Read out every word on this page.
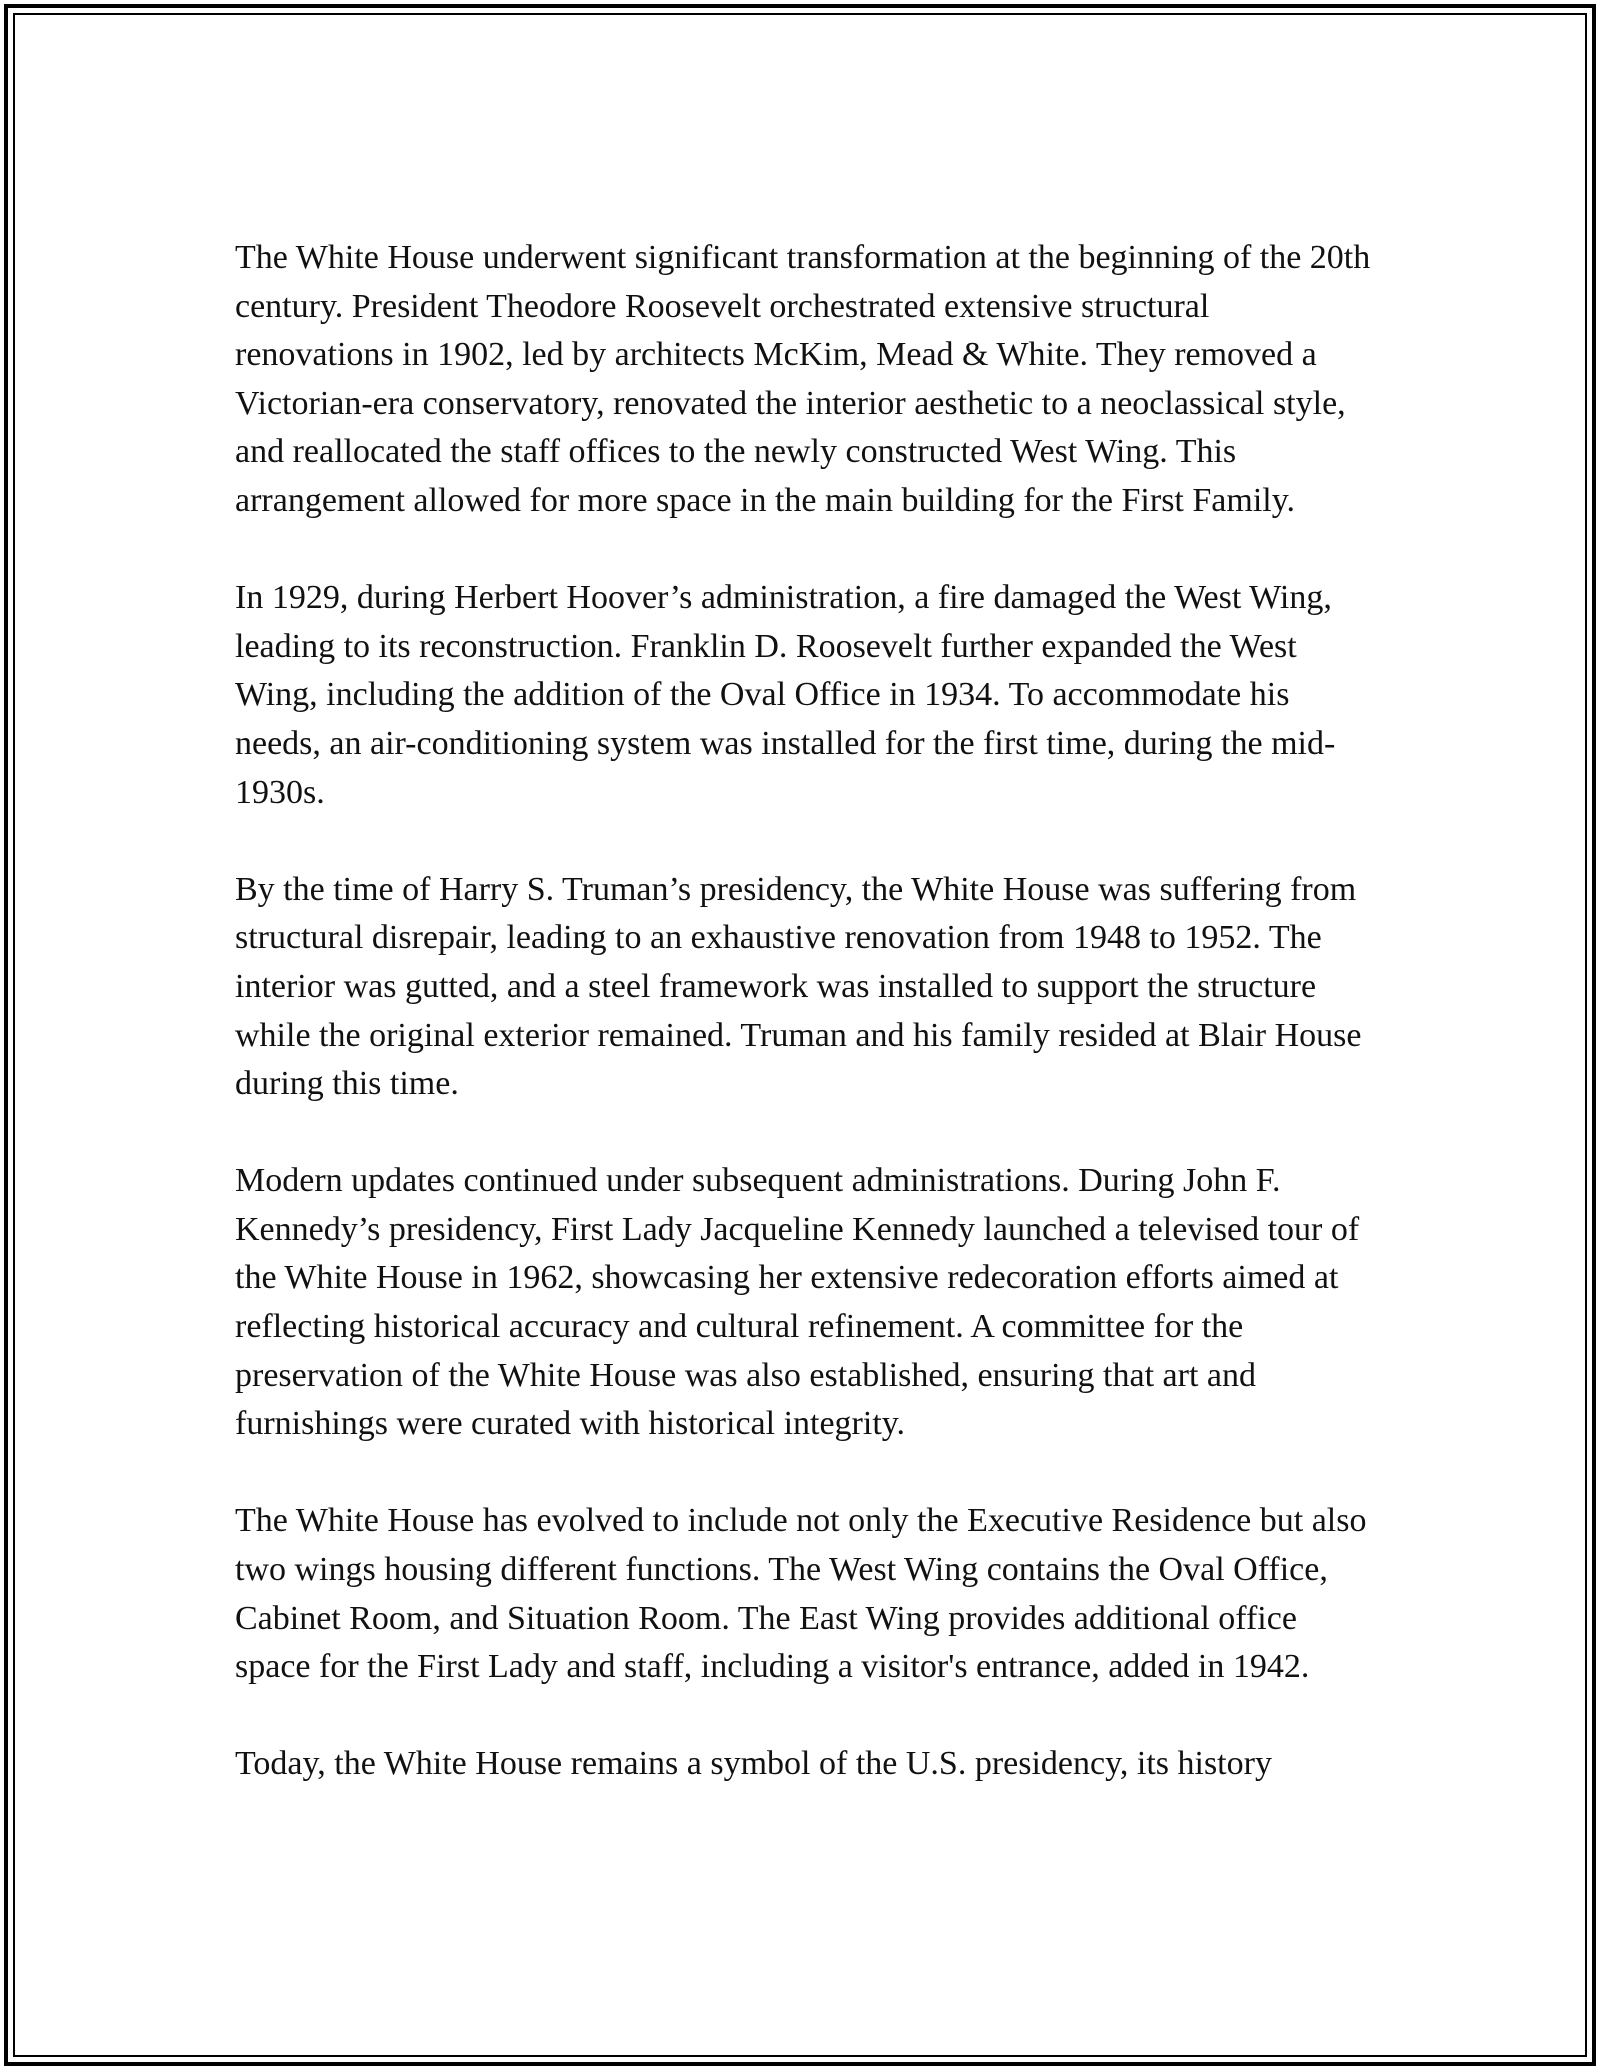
The White House underwent significant transformation at the beginning of the 20th century. President Theodore Roosevelt orchestrated extensive structural renovations in 1902, led by architects McKim, Mead & White. They removed a Victorian-era conservatory, renovated the interior aesthetic to a neoclassical style, and reallocated the staff offices to the newly constructed West Wing. This arrangement allowed for more space in the main building for the First Family.

In 1929, during Herbert Hoover’s administration, a fire damaged the West Wing, leading to its reconstruction. Franklin D. Roosevelt further expanded the West Wing, including the addition of the Oval Office in 1934. To accommodate his needs, an air-conditioning system was installed for the first time, during the mid-1930s.

By the time of Harry S. Truman’s presidency, the White House was suffering from structural disrepair, leading to an exhaustive renovation from 1948 to 1952. The interior was gutted, and a steel framework was installed to support the structure while the original exterior remained. Truman and his family resided at Blair House during this time.

Modern updates continued under subsequent administrations. During John F. Kennedy’s presidency, First Lady Jacqueline Kennedy launched a televised tour of the White House in 1962, showcasing her extensive redecoration efforts aimed at reflecting historical accuracy and cultural refinement. A committee for the preservation of the White House was also established, ensuring that art and furnishings were curated with historical integrity.

The White House has evolved to include not only the Executive Residence but also two wings housing different functions. The West Wing contains the Oval Office, Cabinet Room, and Situation Room. The East Wing provides additional office space for the First Lady and staff, including a visitor's entrance, added in 1942.

Today, the White House remains a symbol of the U.S. presidency, its history
